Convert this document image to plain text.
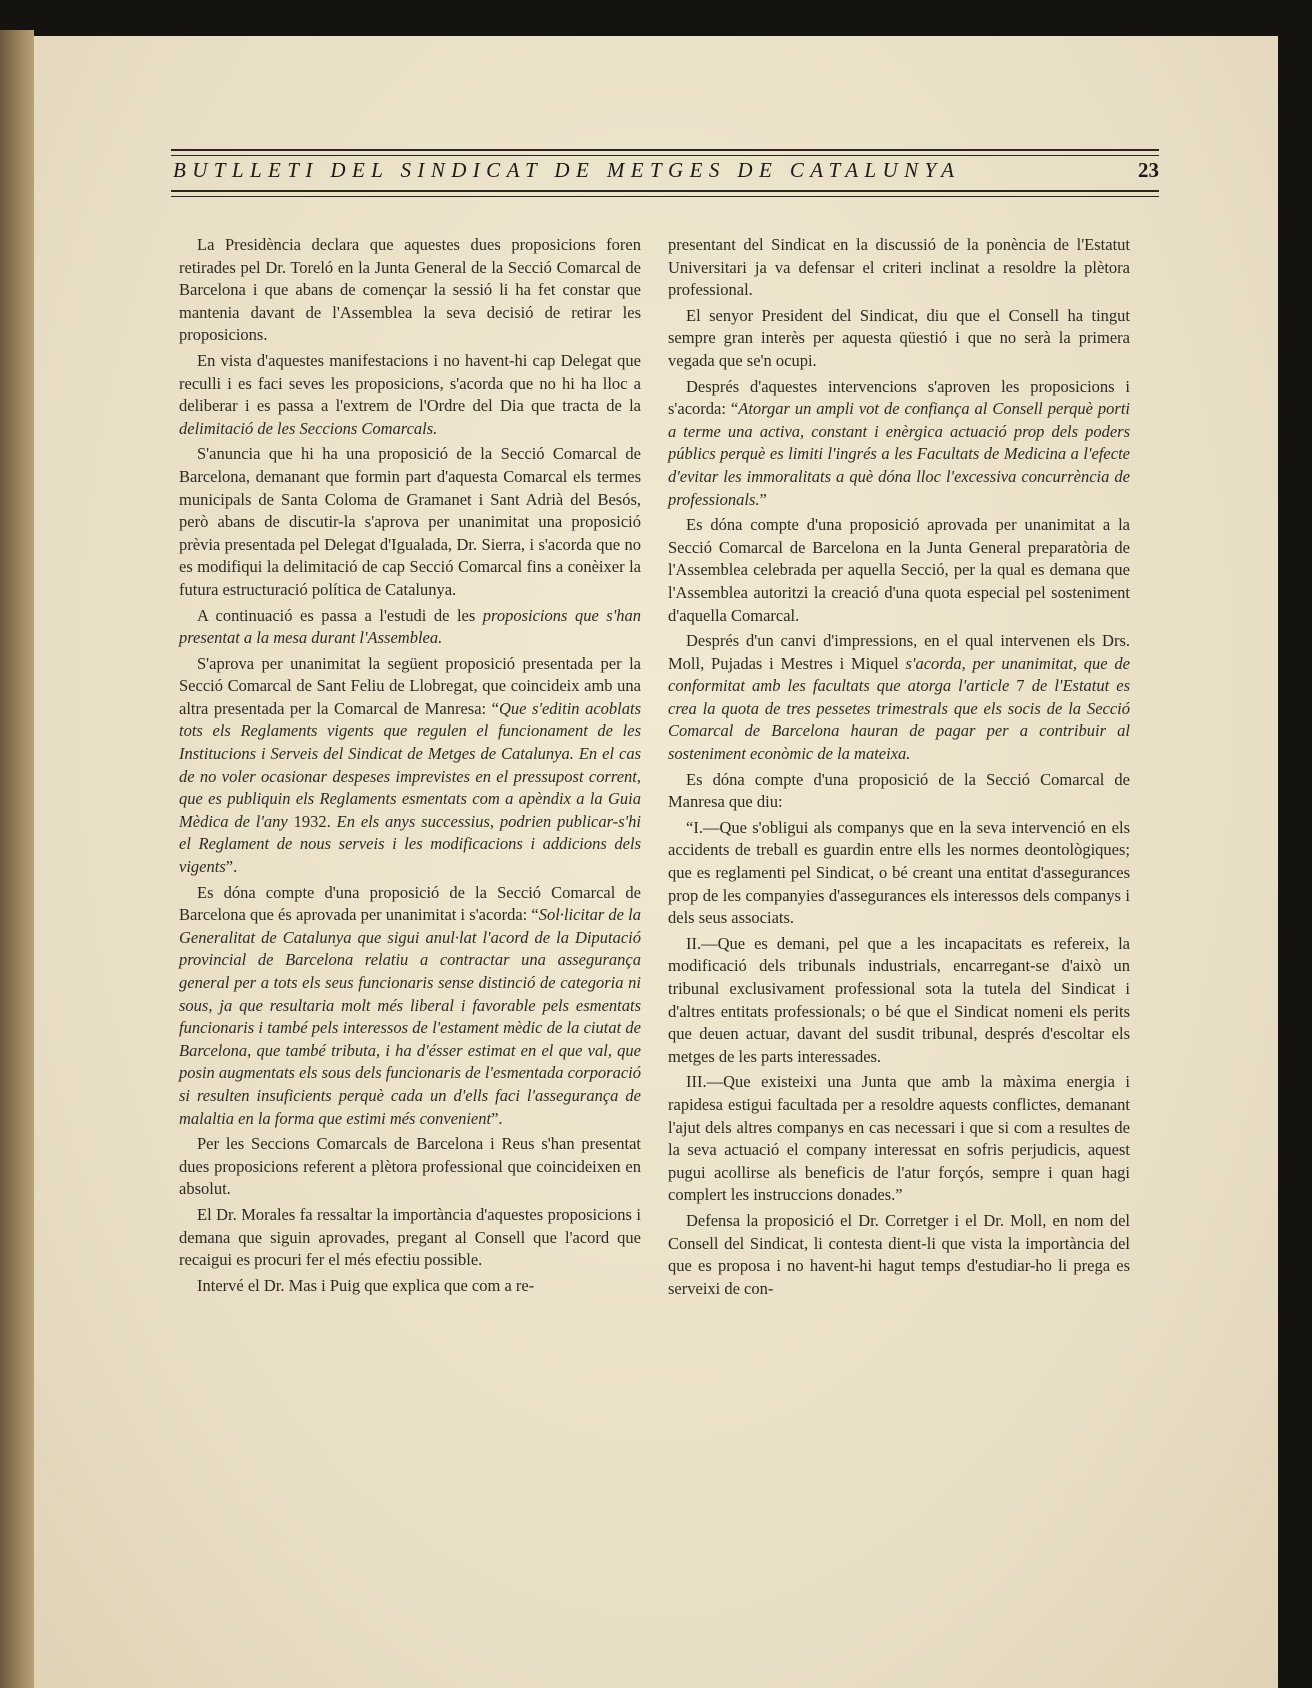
BUTLLETI DEL SINDICAT DE METGES DE CATALUNYA	23

La Presidència declara que aquestes dues proposicions foren retirades pel Dr. Toreló en la Junta General de la Secció Comarcal de Barcelona i que abans de començar la sessió li ha fet constar que mantenia davant de l'Assemblea la seva decisió de retirar les proposicions.

En vista d'aquestes manifestacions i no havent-hi cap Delegat que reculli i es faci seves les proposicions, s'acorda que no hi ha lloc a deliberar i es passa a l'extrem de l'Ordre del Dia que tracta de la delimitació de les Seccions Comarcals.

S'anuncia que hi ha una proposició de la Secció Comarcal de Barcelona, demanant que formin part d'aquesta Comarcal els termes municipals de Santa Coloma de Gramanet i Sant Adrià del Besós, però abans de discutir-la s'aprova per unanimitat una proposició prèvia presentada pel Delegat d'Igualada, Dr. Sierra, i s'acorda que no es modifiqui la delimitació de cap Secció Comarcal fins a conèixer la futura estructuració política de Catalunya.

A continuació es passa a l'estudi de les proposicions que s'han presentat a la mesa durant l'Assemblea.

S'aprova per unanimitat la següent proposició presentada per la Secció Comarcal de Sant Feliu de Llobregat, que coincideix amb una altra presentada per la Comarcal de Manresa: “Que s'editin acoblats tots els Reglaments vigents que regulen el funcionament de les Institucions i Serveis del Sindicat de Metges de Catalunya. En el cas de no voler ocasionar despeses imprevistes en el pressupost corrent, que es publiquin els Reglaments esmentats com a apèndix a la Guia Mèdica de l'any 1932. En els anys successius, podrien publicar-s'hi el Reglament de nous serveis i les modificacions i addicions dels vigents”.

Es dóna compte d'una proposició de la Secció Comarcal de Barcelona que és aprovada per unanimitat i s'acorda: “Sol·licitar de la Generalitat de Catalunya que sigui anul·lat l'acord de la Diputació provincial de Barcelona relatiu a contractar una assegurança general per a tots els seus funcionaris sense distinció de categoria ni sous, ja que resultaria molt més liberal i favorable pels esmentats funcionaris i també pels interessos de l'estament mèdic de la ciutat de Barcelona, que també tributa, i ha d'ésser estimat en el que val, que posin augmentats els sous dels funcionaris de l'esmentada corporació si resulten insuficients perquè cada un d'ells faci l'assegurança de malaltia en la forma que estimi més convenient”.

Per les Seccions Comarcals de Barcelona i Reus s'han presentat dues proposicions referent a plètora professional que coincideixen en absolut.

El Dr. Morales fa ressaltar la importància d'aquestes proposicions i demana que siguin aprovades, pregant al Consell que l'acord que recaigui es procuri fer el més efectiu possible.

Intervé el Dr. Mas i Puig que explica que com a re-

presentant del Sindicat en la discussió de la ponència de l'Estatut Universitari ja va defensar el criteri inclinat a resoldre la plètora professional.

El senyor President del Sindicat, diu que el Consell ha tingut sempre gran interès per aquesta qüestió i que no serà la primera vegada que se'n ocupi.

Després d'aquestes intervencions s'aproven les proposicions i s'acorda: “Atorgar un ampli vot de confiança al Consell perquè porti a terme una activa, constant i enèrgica actuació prop dels poders públics perquè es limiti l'ingrés a les Facultats de Medicina a l'efecte d'evitar les immoralitats a què dóna lloc l'excessiva concurrència de professionals.”

Es dóna compte d'una proposició aprovada per unanimitat a la Secció Comarcal de Barcelona en la Junta General preparatòria de l'Assemblea celebrada per aquella Secció, per la qual es demana que l'Assemblea autoritzi la creació d'una quota especial pel sosteniment d'aquella Comarcal.

Després d'un canvi d'impressions, en el qual intervenen els Drs. Moll, Pujadas i Mestres i Miquel s'acorda, per unanimitat, que de conformitat amb les facultats que atorga l'article 7 de l'Estatut es crea la quota de tres pessetes trimestrals que els socis de la Secció Comarcal de Barcelona hauran de pagar per a contribuir al sosteniment econòmic de la mateixa.

Es dóna compte d'una proposició de la Secció Comarcal de Manresa que diu:

“I.—Que s'obligui als companys que en la seva intervenció en els accidents de treball es guardin entre ells les normes deontològiques; que es reglamenti pel Sindicat, o bé creant una entitat d'assegurances prop de les companyies d'assegurances els interessos dels companys i dels seus associats.

II.—Que es demani, pel que a les incapacitats es refereix, la modificació dels tribunals industrials, encarregant-se d'això un tribunal exclusivament professional sota la tutela del Sindicat i d'altres entitats professionals; o bé que el Sindicat nomeni els perits que deuen actuar, davant del susdit tribunal, després d'escoltar els metges de les parts interessades.

III.—Que existeixi una Junta que amb la màxima energia i rapidesa estigui facultada per a resoldre aquests conflictes, demanant l'ajut dels altres companys en cas necessari i que si com a resultes de la seva actuació el company interessat en sofris perjudicis, aquest pugui acollirse als beneficis de l'atur forçós, sempre i quan hagi complert les instruccions donades.”

Defensa la proposició el Dr. Corretger i el Dr. Moll, en nom del Consell del Sindicat, li contesta dient-li que vista la importància del que es proposa i no havent-hi hagut temps d'estudiar-ho li prega es serveixi de con-
